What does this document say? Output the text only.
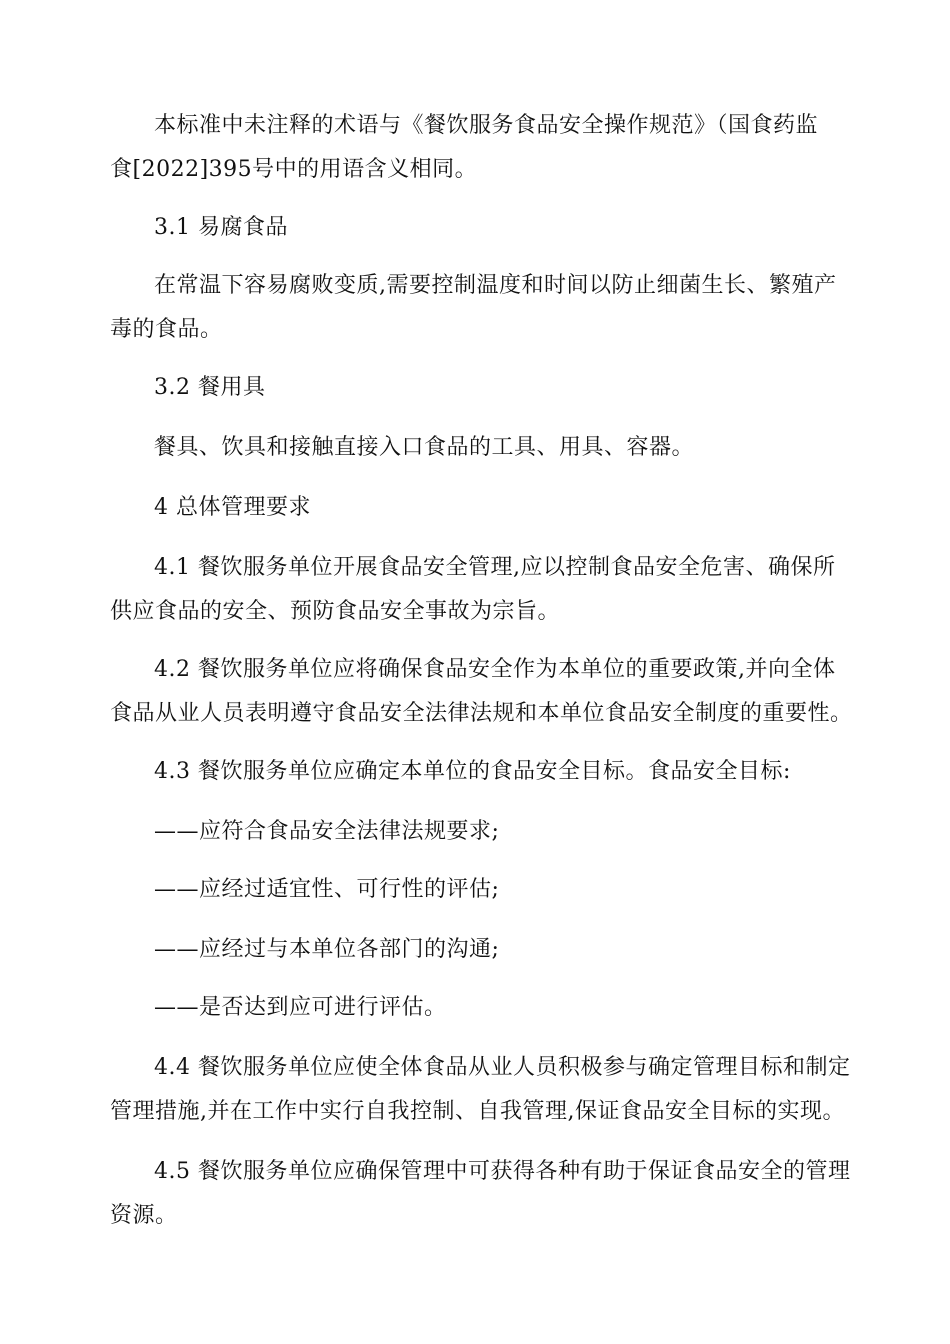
本标准中未注释的术语与《餐饮服务食品安全操作规范》（国食药监
食[2022]395号中的用语含义相同。
3.1 易腐食品
在常温下容易腐败变质,需要控制温度和时间以防止细菌生长、繁殖产
毒的食品。
3.2 餐用具
餐具、饮具和接触直接入口食品的工具、用具、容器。
4 总体管理要求
4.1 餐饮服务单位开展食品安全管理,应以控制食品安全危害、确保所
供应食品的安全、预防食品安全事故为宗旨。
4.2 餐饮服务单位应将确保食品安全作为本单位的重要政策,并向全体
食品从业人员表明遵守食品安全法律法规和本单位食品安全制度的重要性。
4.3 餐饮服务单位应确定本单位的食品安全目标。食品安全目标:
——应符合食品安全法律法规要求;
——应经过适宜性、可行性的评估;
——应经过与本单位各部门的沟通;
——是否达到应可进行评估。
4.4 餐饮服务单位应使全体食品从业人员积极参与确定管理目标和制定
管理措施,并在工作中实行自我控制、自我管理,保证食品安全目标的实现。
4.5 餐饮服务单位应确保管理中可获得各种有助于保证食品安全的管理
资源。
